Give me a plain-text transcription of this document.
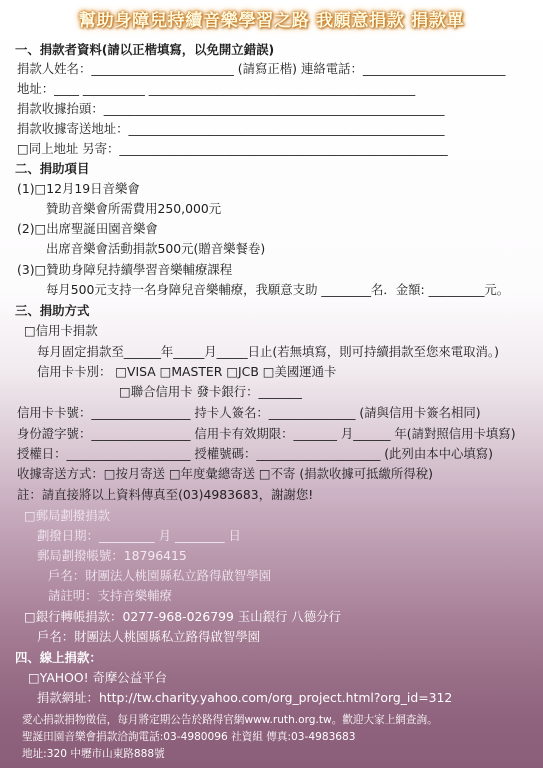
幫助身障兒持續音樂學習之路 我願意捐款 捐款單
一、捐款者資料(請以正楷填寫，以免開立錯誤)
捐款人姓名：_______________________ (請寫正楷) 連絡電話：_______________________
地址：____ __________ ___________________________________________
捐款收據抬頭：_______________________________________________________
捐款收據寄送地址：___________________________________________________
□同上地址 另寄：_____________________________________________________
二、捐助項目
(1)□12月19日音樂會
贊助音樂會所需費用250,000元
(2)□出席聖誕田園音樂會
出席音樂會活動捐款500元(贈音樂餐卷)
(3)□贊助身障兒持續學習音樂輔療課程
每月500元支持一名身障兒音樂輔療，我願意支助 ________名．金額: _________元。
三、捐助方式
□信用卡捐款
每月固定捐款至______年_____月_____日止(若無填寫，則可持續捐款至您來電取消。)
信用卡卡別： □VISA □MASTER □JCB □美國運通卡
□聯合信用卡 發卡銀行：_______
信用卡卡號：________________ 持卡人簽名：______________ (請與信用卡簽名相同)
身份證字號：________________ 信用卡有效期限：_______ 月______ 年(請對照信用卡填寫)
授權日：____________________ 授權號碼：____________________ (此列由本中心填寫)
收據寄送方式：□按月寄送 □年度彙總寄送 □不寄 (捐款收據可抵繳所得稅)
註：請直接將以上資料傳真至(03)4983683，謝謝您!
□郵局劃撥捐款
劃撥日期：_________ 月 ________ 日
郵局劃撥帳號：18796415
戶名：財團法人桃園縣私立路得啟智學園
請註明：支持音樂輔療
□銀行轉帳捐款：0277-968-026799 玉山銀行 八德分行
戶名：財團法人桃園縣私立路得啟智學園
四、線上捐款：
□YAHOO! 奇摩公益平台
捐款網址：http://tw.charity.yahoo.com/org_project.html?org_id=312
愛心捐款捐物徵信，每月將定期公告於路得官網www.ruth.org.tw。歡迎大家上網查詢。
聖誕田園音樂會捐款洽詢電話:03-4980096 社資組 傳真:03-4983683
地址:320 中壢市山東路888號
